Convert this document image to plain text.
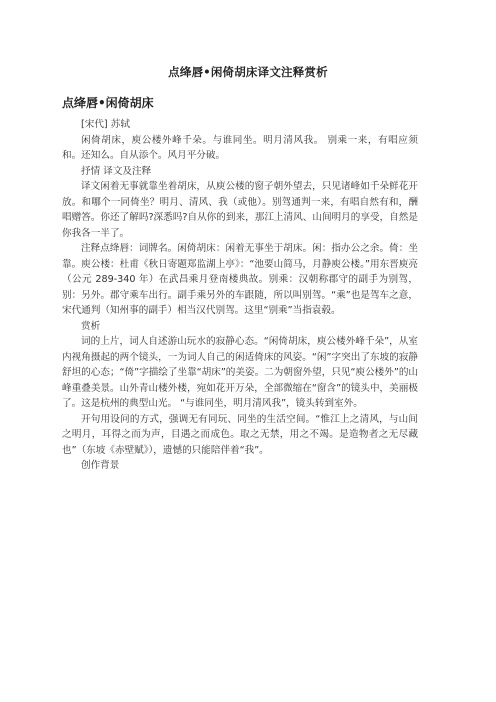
点绛唇•闲倚胡床译文注释赏析
点绛唇•闲倚胡床

[宋代] 苏轼

闲倚胡床，庾公楼外峰千朵。与谁同坐。明月清风我。 别乘一来，有唱应须和。还知么。自从添个。风月平分破。

抒情 译文及注释

译文闲着无事就靠坐着胡床，从庾公楼的窗子朝外望去，只见诸峰如千朵鲜花开放。和哪个一同倚坐？明月、清风、我（或他）。别驾通判一来，有唱自然有和，酬唱赠答。你还了解吗?深悉吗?自从你的到来，那江上清风、山间明月的享受，自然是你我各一半了。

注释点绛唇：词牌名。闲倚胡床：闲着无事坐于胡床。闲：指办公之余。倚：坐靠。庾公楼：杜甫《秋日寄题郑监湖上亭》：“池要山简马，月静庾公楼。”用东晋庾亮（公元 289-340 年）在武昌乘月登南楼典故。别乘：汉朝称郡守的副手为别驾，别：另外。郡守乘车出行。副手乘另外的车跟随，所以叫别驾。“乘”也是驾车之意，宋代通判（知州事的副手）相当汉代别驾。这里“别乘”当指袁毂。

赏析

词的上片，词人自述游山玩水的寂静心态。“闲倚胡床，庾公楼外峰千朵”，从室内视角摄起的两个镜头，一为词人自己的闲适倚床的风姿。“闲”字突出了东坡的寂静舒坦的心态；“倚”字描绘了坐靠“胡床”的美姿。二为朝窗外望，只见“庾公楼外”的山峰重叠美景。山外青山楼外楼，宛如花开万朵，全部微缩在“窗含”的镜头中，美丽极了。这是杭州的典型山光。 “与谁同坐，明月清风我”，镜头转到室外。

开句用设问的方式，强调无有同玩、同坐的生活空间。“惟江上之清风，与山间之明月，耳得之而为声，目遇之而成色。取之无禁，用之不竭。是造物者之无尽藏也”（东坡《赤壁赋》），遗憾的只能陪伴着“我”。

创作背景
